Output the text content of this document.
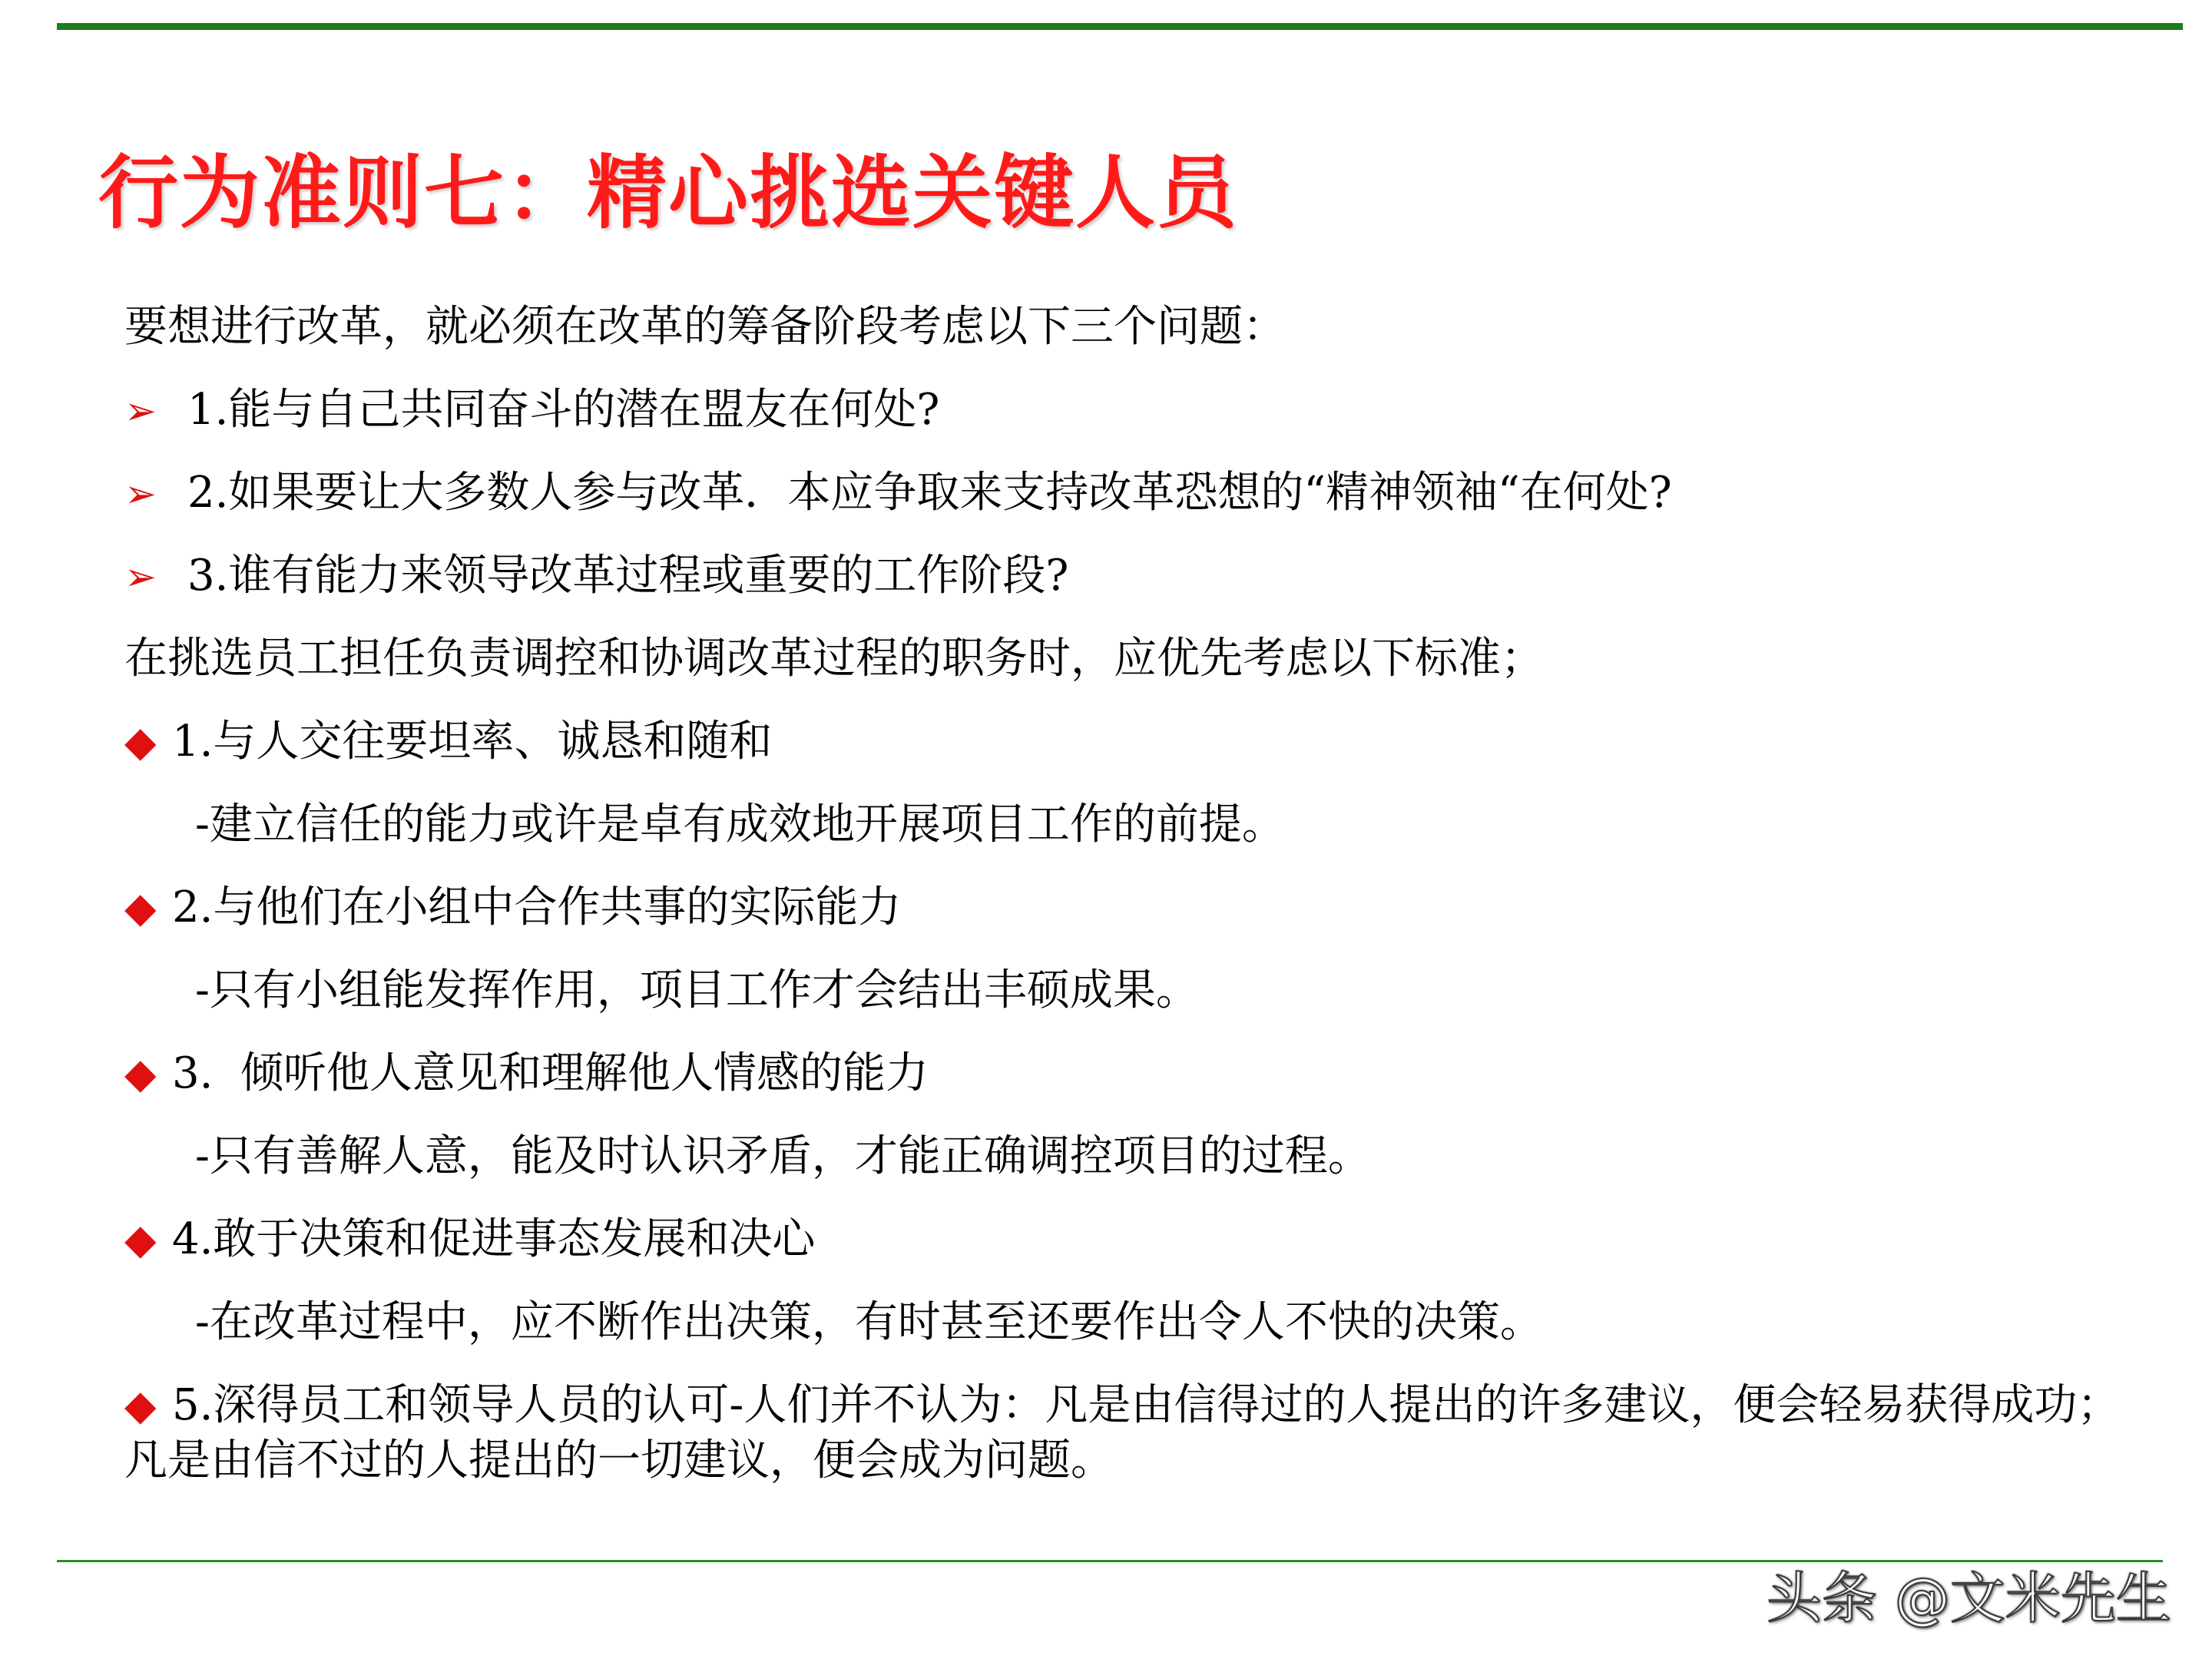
行为准则七：精心挑选关键人员
要想进行改革，就必须在改革的筹备阶段考虑以下三个问题：
➢ 1.能与自己共同奋斗的潜在盟友在何处?
➢ 2.如果要让大多数人参与改革．本应争取来支持改革恐想的“精神领袖“在何处?
➢ 3.谁有能力来领导改革过程或重要的工作阶段?
在挑选员工担任负责调控和协调改革过程的职务时，应优先考虑以下标准；
◆ 1.与人交往要坦率、诚恳和随和
-建立信任的能力或许是卓有成效地开展项目工作的前提。
◆ 2.与他们在小组中合作共事的实际能力
-只有小组能发挥作用，项目工作才会结出丰硕成果。
◆ 3.  倾听他人意见和理解他人情感的能力
-只有善解人意，能及时认识矛盾，才能正确调控项目的过程。
◆ 4.敢于决策和促进事态发展和决心
-在改革过程中，应不断作出决策，有时甚至还要作出令人不快的决策。
◆ 5.深得员工和领导人员的认可-人们并不认为：凡是由信得过的人提出的许多建议，便会轻易获得成功；凡是由信不过的人提出的一切建议，便会成为问题。
头条 @文米先生
